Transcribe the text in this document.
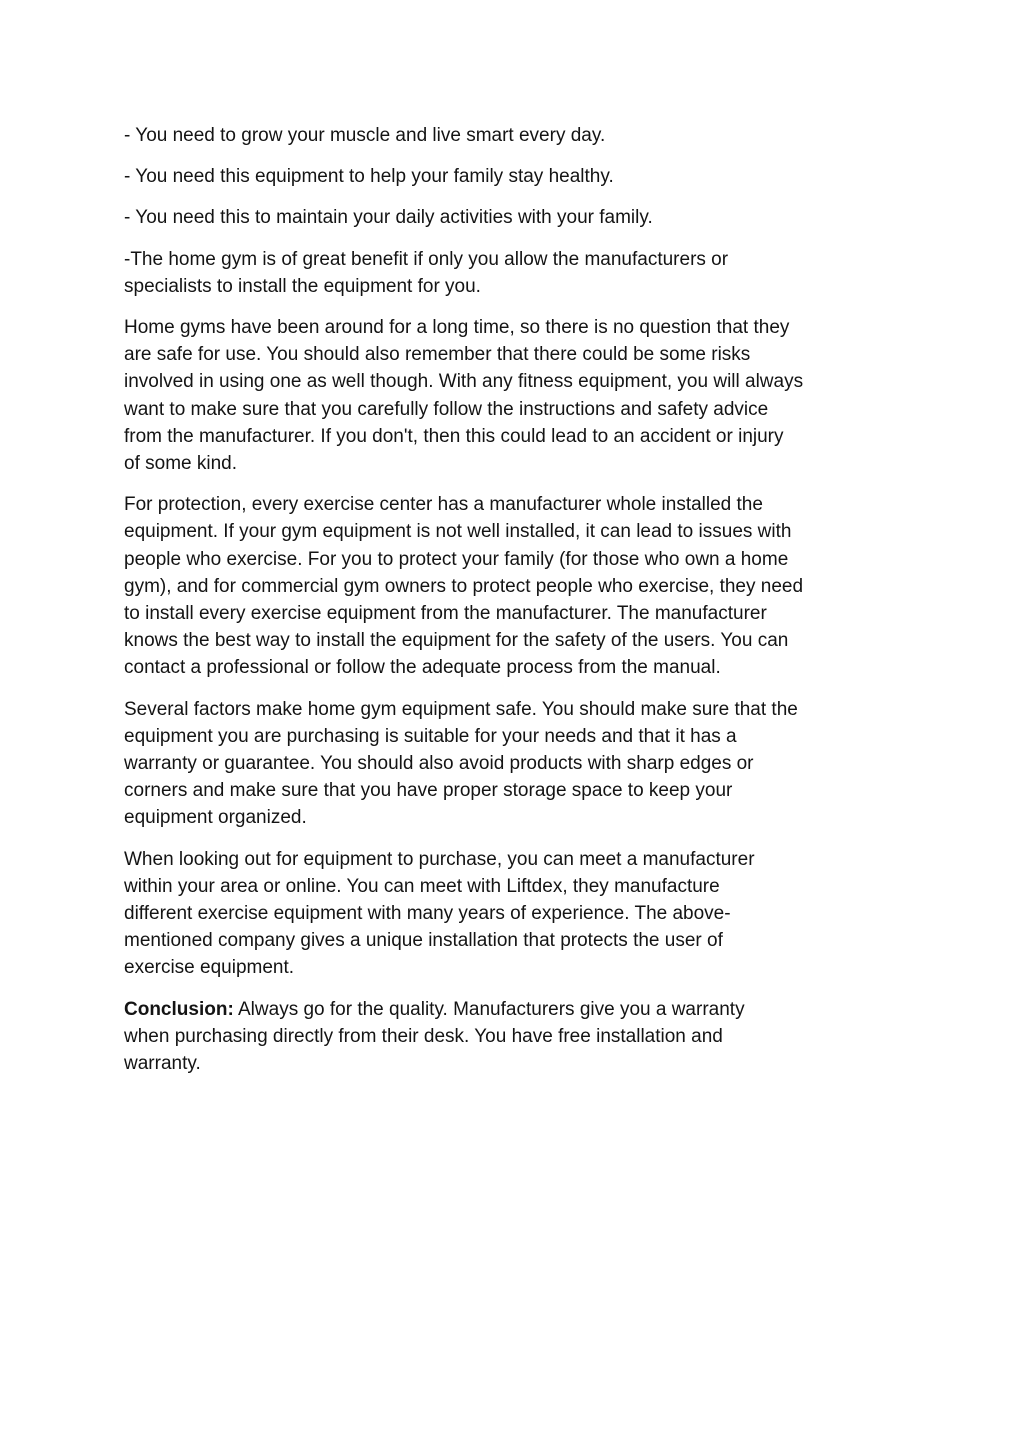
- You need to grow your muscle and live smart every day.

- You need this equipment to help your family stay healthy.

- You need this to maintain your daily activities with your family.

-The home gym is of great benefit if only you allow the manufacturers or
specialists to install the equipment for you.

Home gyms have been around for a long time, so there is no question that they
are safe for use. You should also remember that there could be some risks
involved in using one as well though. With any fitness equipment, you will always
want to make sure that you carefully follow the instructions and safety advice
from the manufacturer. If you don't, then this could lead to an accident or injury
of some kind.

For protection, every exercise center has a manufacturer whole installed the
equipment. If your gym equipment is not well installed, it can lead to issues with
people who exercise. For you to protect your family (for those who own a home
gym), and for commercial gym owners to protect people who exercise, they need
to install every exercise equipment from the manufacturer. The manufacturer
knows the best way to install the equipment for the safety of the users. You can
contact a professional or follow the adequate process from the manual.

Several factors make home gym equipment safe. You should make sure that the
equipment you are purchasing is suitable for your needs and that it has a
warranty or guarantee. You should also avoid products with sharp edges or
corners and make sure that you have proper storage space to keep your
equipment organized.

When looking out for equipment to purchase, you can meet a manufacturer
within your area or online. You can meet with Liftdex, they manufacture
different exercise equipment with many years of experience. The above-
mentioned company gives a unique installation that protects the user of
exercise equipment.

Conclusion: Always go for the quality. Manufacturers give you a warranty
when purchasing directly from their desk. You have free installation and
warranty.
